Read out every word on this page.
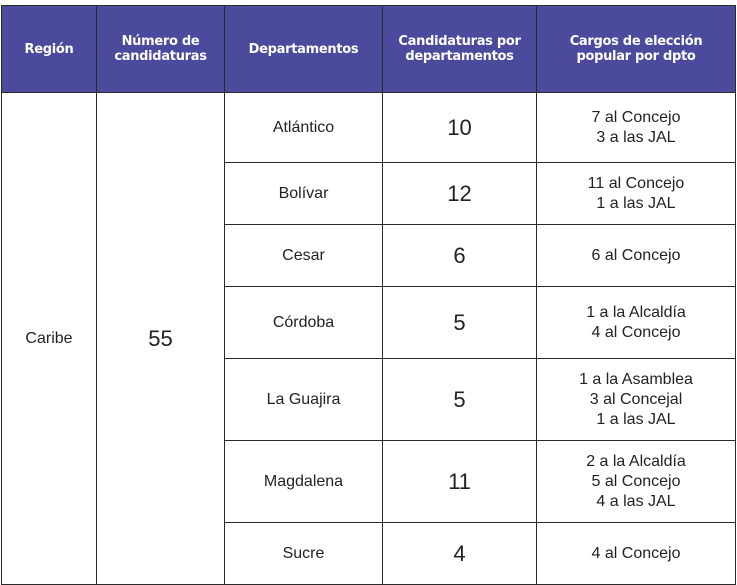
Región	Número de candidaturas	Departamentos	Candidaturas por departamentos	Cargos de elección popular por dpto
Caribe	55	Atlántico	10	7 al Concejo
3 a las JAL

		Bolívar	12	11 al Concejo
1 a las JAL

		Cesar	6	6 al Concejo

		Córdoba	5	1 a la Alcaldía
4 al Concejo

		La Guajira	5	1 a la Asamblea
3 al Concejal
1 a las JAL

		Magdalena	11	2 a la Alcaldía
5 al Concejo
4 a las JAL

		Sucre	4	4 al Concejo
